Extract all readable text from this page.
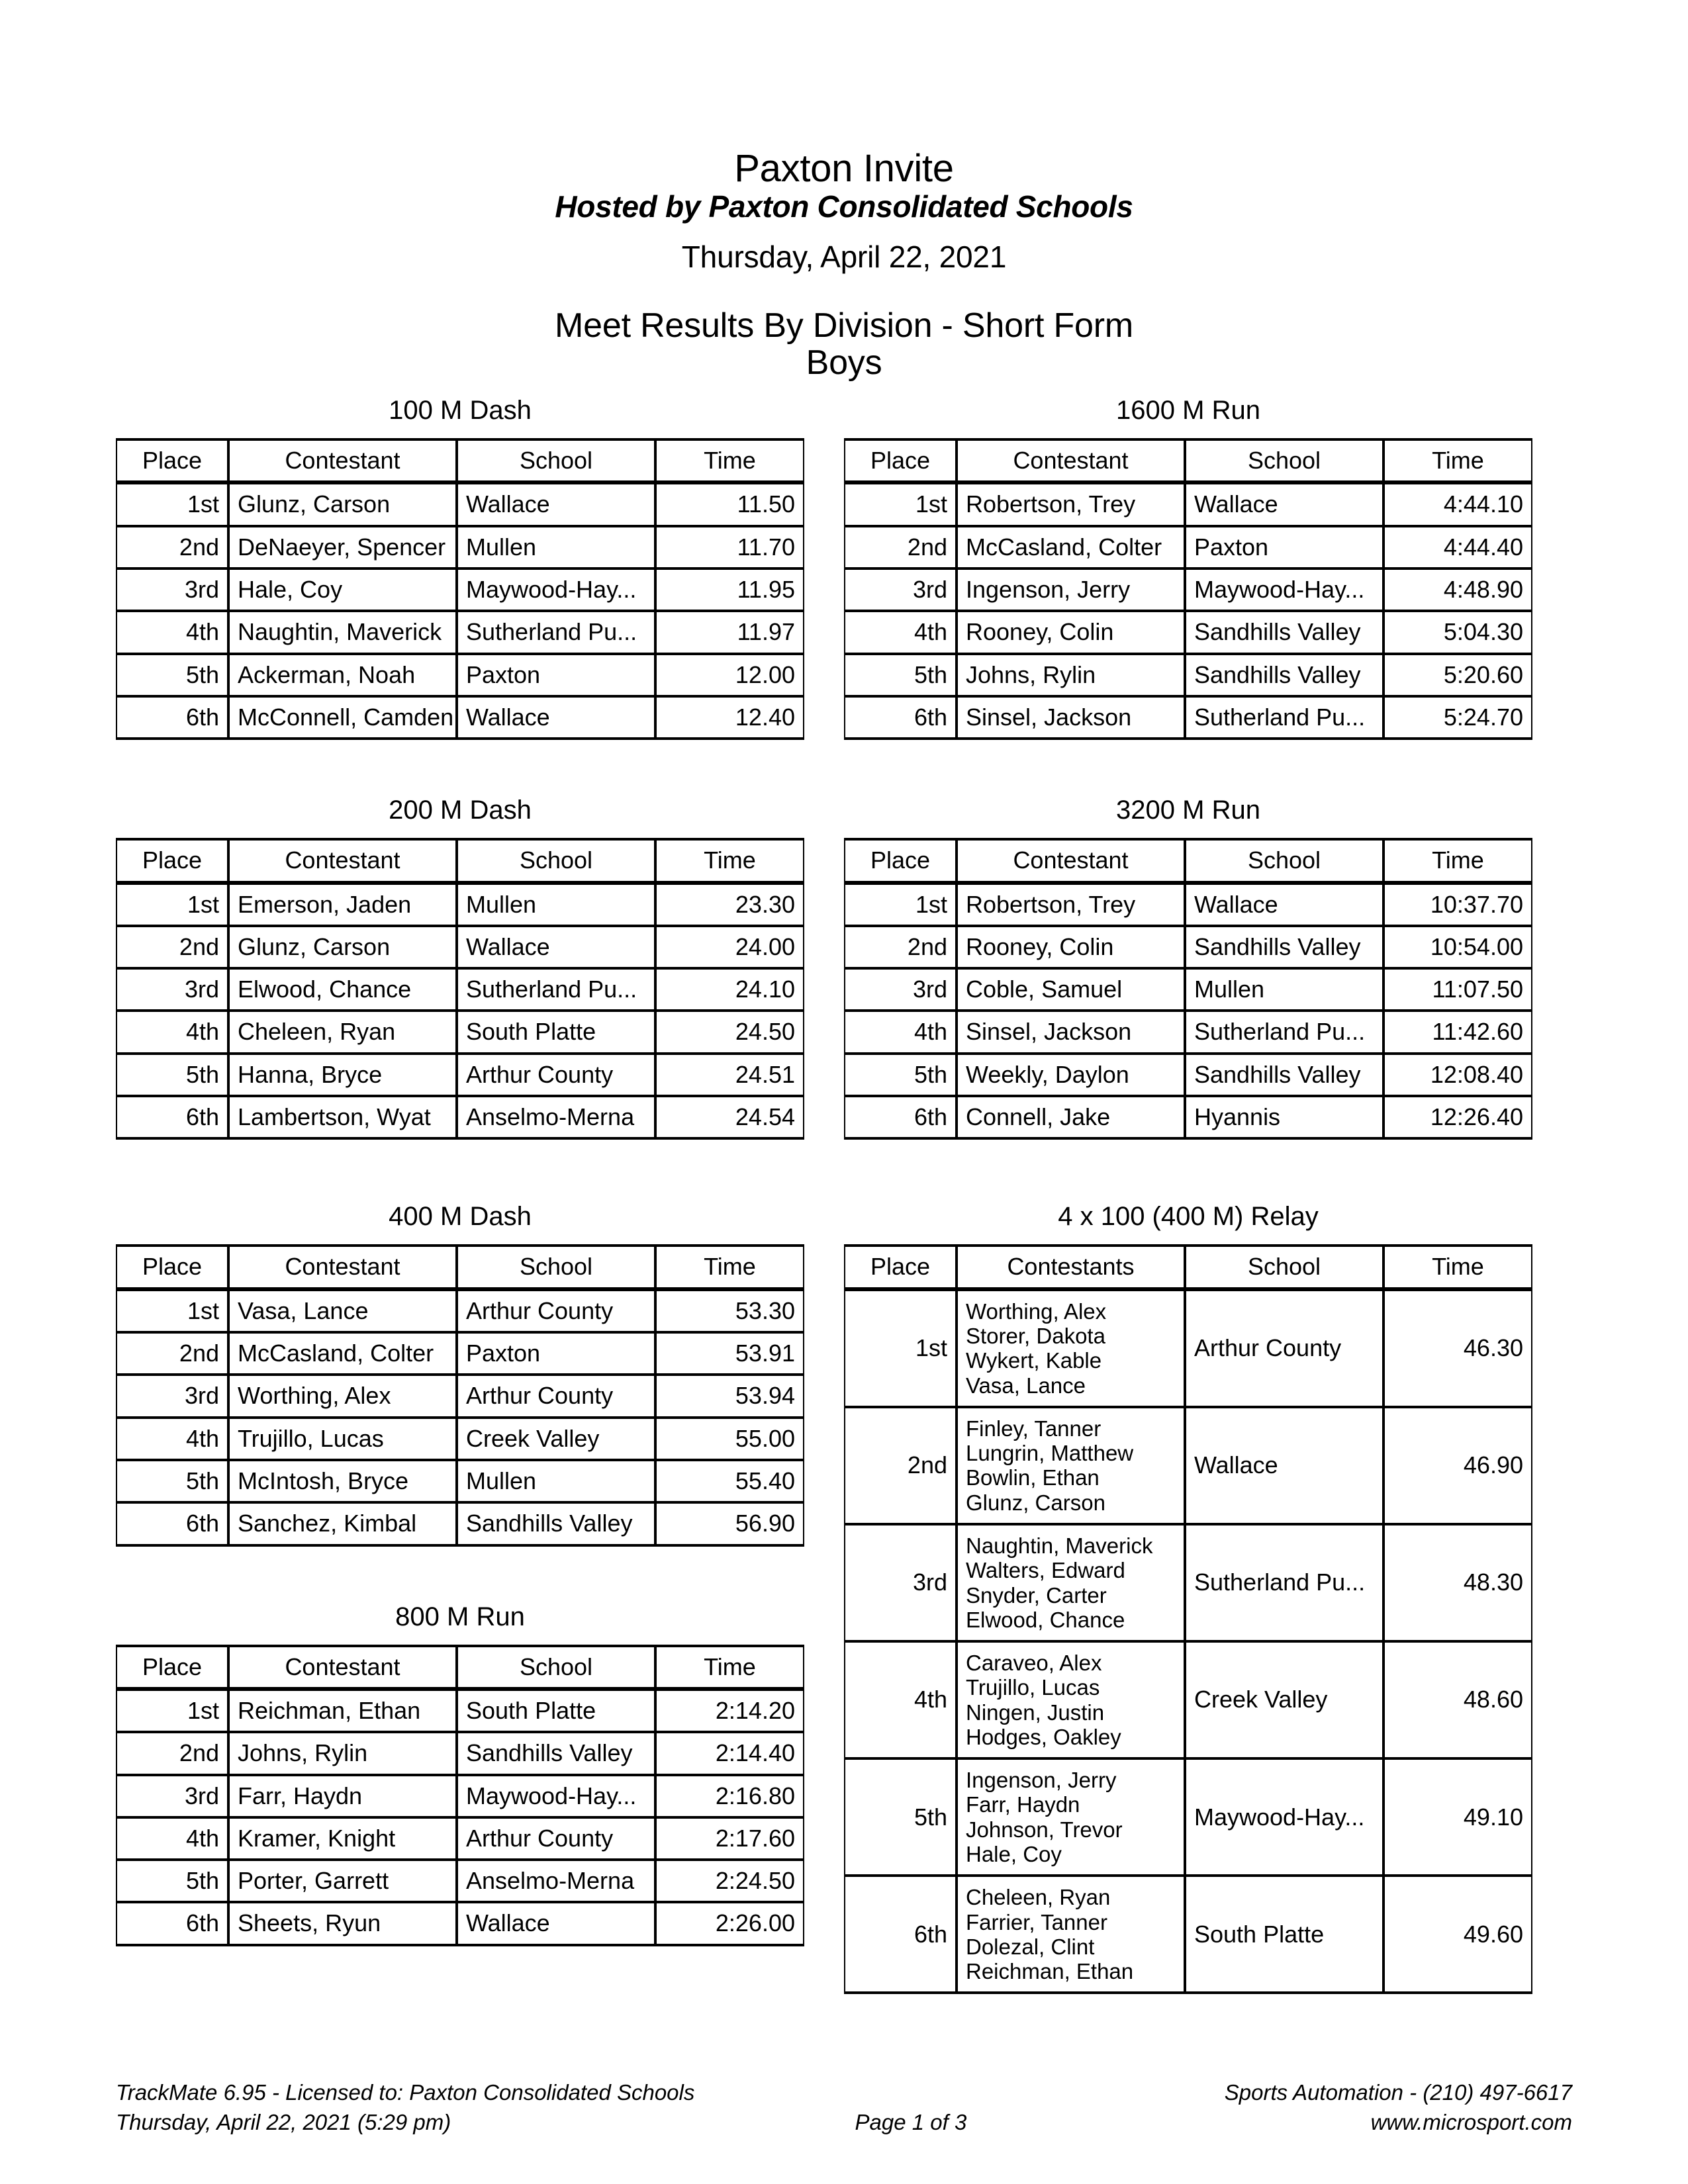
Paxton Invite
Hosted by Paxton Consolidated Schools
Thursday, April 22, 2021
Meet Results By Division - Short Form
Boys
100 M Dash
Place	Contestant	School	Time
1st	Glunz, Carson	Wallace	11.50
2nd	DeNaeyer, Spencer	Mullen	11.70
3rd	Hale, Coy	Maywood-Hay...	11.95
4th	Naughtin, Maverick	Sutherland Pu...	11.97
5th	Ackerman, Noah	Paxton	12.00
6th	McConnell, Camden	Wallace	12.40
200 M Dash
Place	Contestant	School	Time
1st	Emerson, Jaden	Mullen	23.30
2nd	Glunz, Carson	Wallace	24.00
3rd	Elwood, Chance	Sutherland Pu...	24.10
4th	Cheleen, Ryan	South Platte	24.50
5th	Hanna, Bryce	Arthur County	24.51
6th	Lambertson, Wyat	Anselmo-Merna	24.54
400 M Dash
Place	Contestant	School	Time
1st	Vasa, Lance	Arthur County	53.30
2nd	McCasland, Colter	Paxton	53.91
3rd	Worthing, Alex	Arthur County	53.94
4th	Trujillo, Lucas	Creek Valley	55.00
5th	McIntosh, Bryce	Mullen	55.40
6th	Sanchez, Kimbal	Sandhills Valley	56.90
800 M Run
Place	Contestant	School	Time
1st	Reichman, Ethan	South Platte	2:14.20
2nd	Johns, Rylin	Sandhills Valley	2:14.40
3rd	Farr, Haydn	Maywood-Hay...	2:16.80
4th	Kramer, Knight	Arthur County	2:17.60
5th	Porter, Garrett	Anselmo-Merna	2:24.50
6th	Sheets, Ryun	Wallace	2:26.00
1600 M Run
Place	Contestant	School	Time
1st	Robertson, Trey	Wallace	4:44.10
2nd	McCasland, Colter	Paxton	4:44.40
3rd	Ingenson, Jerry	Maywood-Hay...	4:48.90
4th	Rooney, Colin	Sandhills Valley	5:04.30
5th	Johns, Rylin	Sandhills Valley	5:20.60
6th	Sinsel, Jackson	Sutherland Pu...	5:24.70
3200 M Run
Place	Contestant	School	Time
1st	Robertson, Trey	Wallace	10:37.70
2nd	Rooney, Colin	Sandhills Valley	10:54.00
3rd	Coble, Samuel	Mullen	11:07.50
4th	Sinsel, Jackson	Sutherland Pu...	11:42.60
5th	Weekly, Daylon	Sandhills Valley	12:08.40
6th	Connell, Jake	Hyannis	12:26.40
4 x 100 (400 M) Relay
Place	Contestants	School	Time
1st	Worthing, Alex
Storer, Dakota
Wykert, Kable
Vasa, Lance	Arthur County	46.30
2nd	Finley, Tanner
Lungrin, Matthew
Bowlin, Ethan
Glunz, Carson	Wallace	46.90
3rd	Naughtin, Maverick
Walters, Edward
Snyder, Carter
Elwood, Chance	Sutherland Pu...	48.30
4th	Caraveo, Alex
Trujillo, Lucas
Ningen, Justin
Hodges, Oakley	Creek Valley	48.60
5th	Ingenson, Jerry
Farr, Haydn
Johnson, Trevor
Hale, Coy	Maywood-Hay...	49.10
6th	Cheleen, Ryan
Farrier, Tanner
Dolezal, Clint
Reichman, Ethan	South Platte	49.60
TrackMate 6.95 - Licensed to: Paxton Consolidated Schools	Sports Automation - (210) 497-6617
Thursday, April 22, 2021 (5:29 pm)	Page 1 of 3	www.microsport.com
